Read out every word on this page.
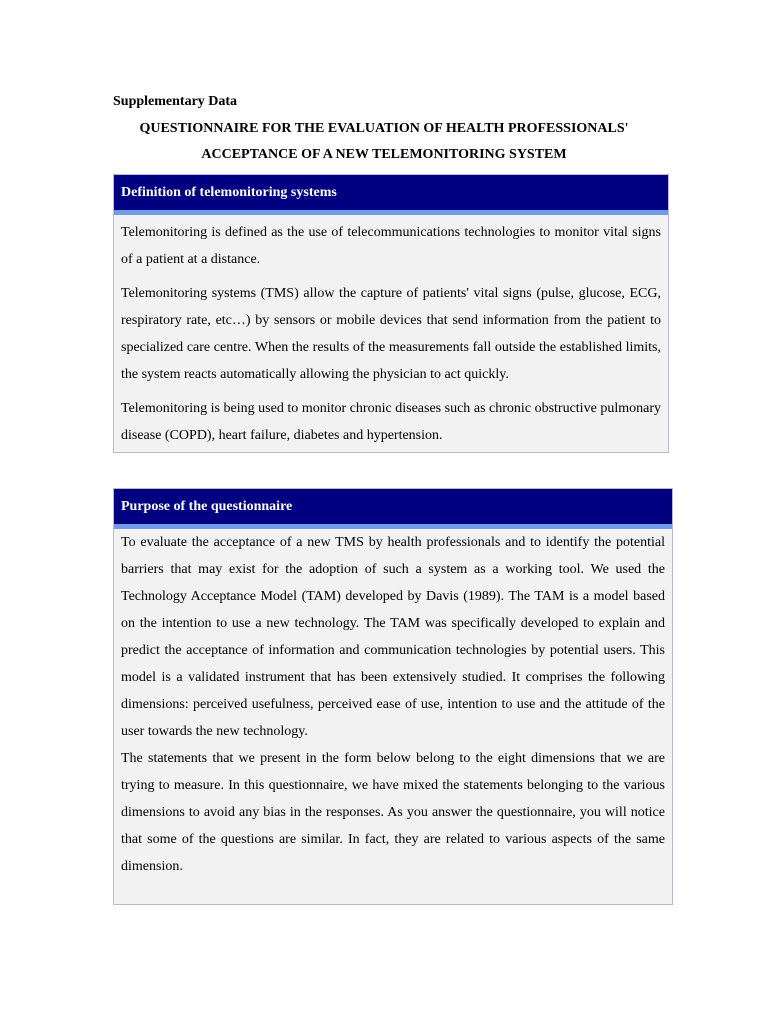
Supplementary Data

QUESTIONNAIRE FOR THE EVALUATION OF HEALTH PROFESSIONALS'

ACCEPTANCE OF A NEW TELEMONITORING SYSTEM

Definition of telemonitoring systems

Telemonitoring is defined as the use of telecommunications technologies to monitor vital signs of a patient at a distance.

Telemonitoring systems (TMS) allow the capture of patients' vital signs (pulse, glucose, ECG, respiratory rate, etc…) by sensors or mobile devices that send information from the patient to specialized care centre. When the results of the measurements fall outside the established limits, the system reacts automatically allowing the physician to act quickly.

Telemonitoring is being used to monitor chronic diseases such as chronic obstructive pulmonary disease (COPD), heart failure, diabetes and hypertension.

Purpose of the questionnaire

To evaluate the acceptance of a new TMS by health professionals and to identify the potential barriers that may exist for the adoption of such a system as a working tool. We used the Technology Acceptance Model (TAM) developed by Davis (1989). The TAM is a model based on the intention to use a new technology. The TAM was specifically developed to explain and predict the acceptance of information and communication technologies by potential users. This model is a validated instrument that has been extensively studied. It comprises the following dimensions: perceived usefulness, perceived ease of use, intention to use and the attitude of the user towards the new technology.

The statements that we present in the form below belong to the eight dimensions that we are trying to measure. In this questionnaire, we have mixed the statements belonging to the various dimensions to avoid any bias in the responses. As you answer the questionnaire, you will notice that some of the questions are similar. In fact, they are related to various aspects of the same dimension.
